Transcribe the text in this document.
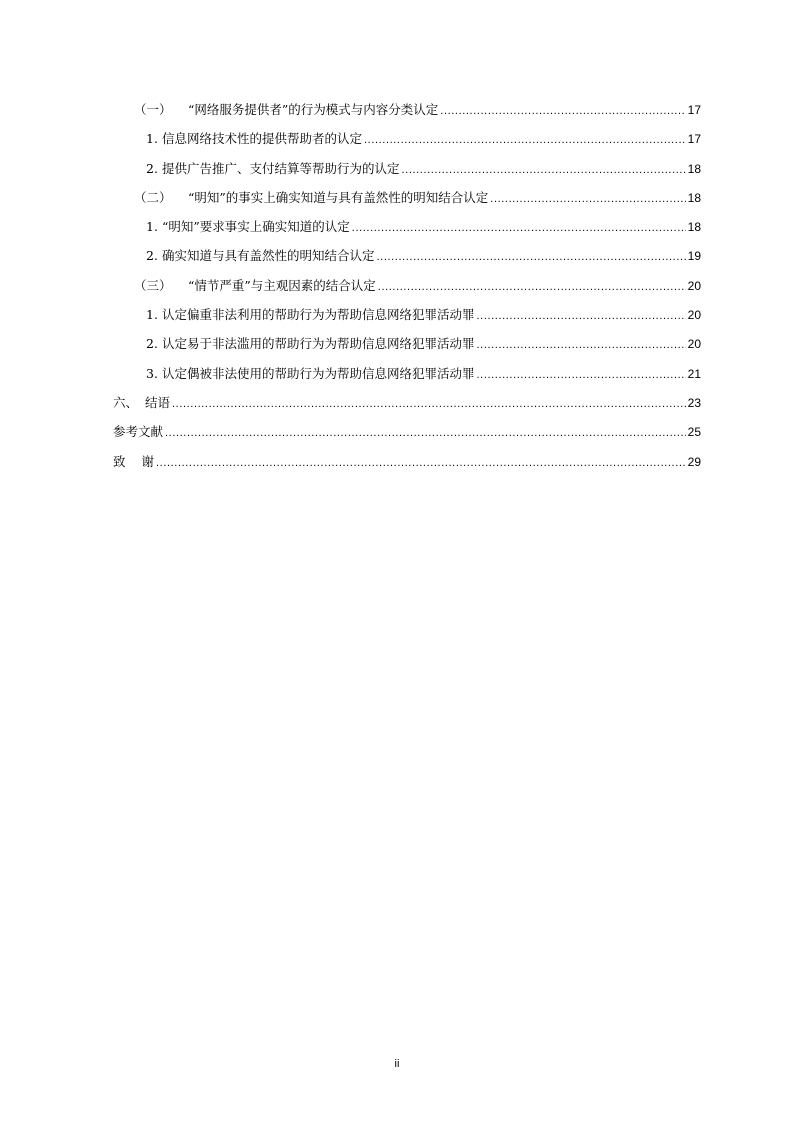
（一）	“网络服务提供者”的行为模式与内容分类认定 .....	17
1. 信息网络技术性的提供帮助者的认定 .....	17
2. 提供广告推广、支付结算等帮助行为的认定 .....	18
（二）	“明知”的事实上确实知道与具有盖然性的明知结合认定 .....	18
1. “明知”要求事实上确实知道的认定 .....	18
2. 确实知道与具有盖然性的明知结合认定 .....	19
（三）	“情节严重”与主观因素的结合认定 .....	20
1. 认定偏重非法利用的帮助行为为帮助信息网络犯罪活动罪 .....	20
2. 认定易于非法滥用的帮助行为为帮助信息网络犯罪活动罪 .....	20
3. 认定偶被非法使用的帮助行为为帮助信息网络犯罪活动罪 .....	21
六、 结语 .....	23
参考文献 .....	25
致 谢 .....	29
ii
